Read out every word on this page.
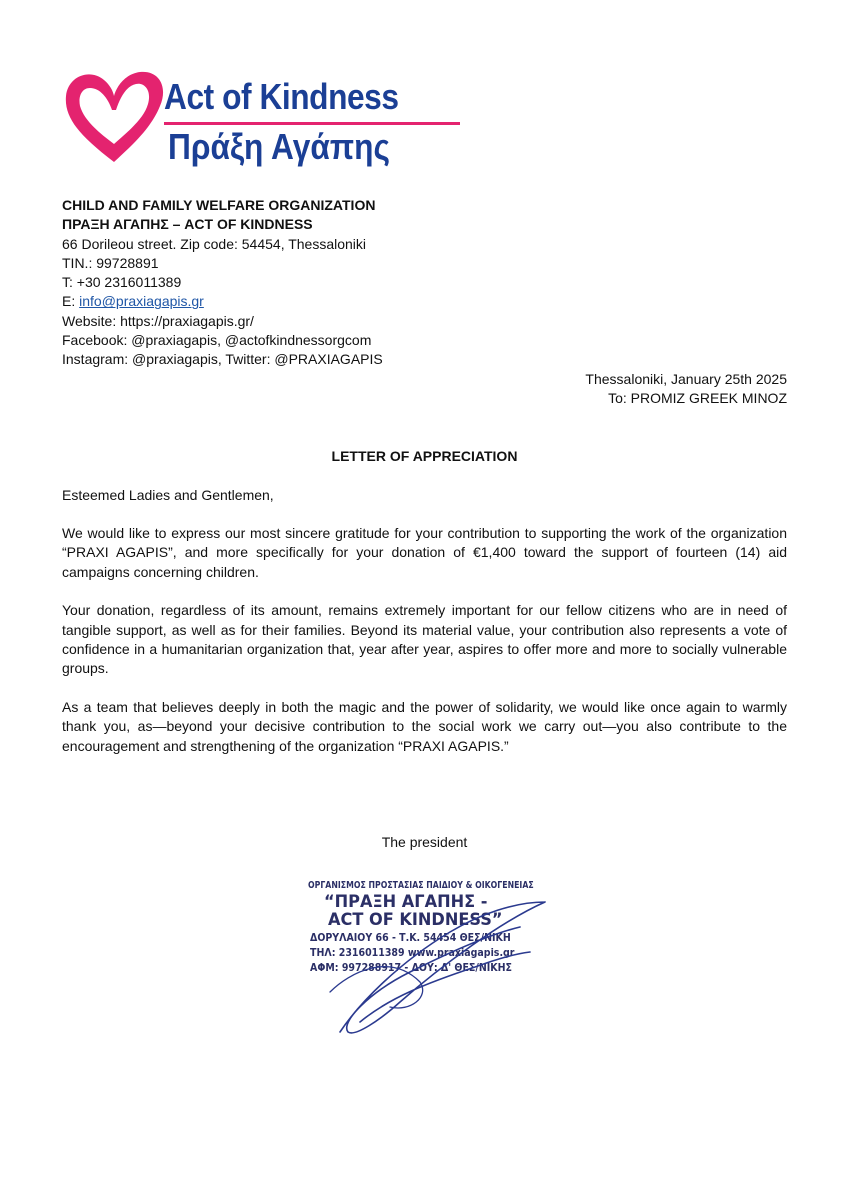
Act of Kindness
Πράξη Αγάπης
CHILD AND FAMILY WELFARE ORGANIZATION
ΠΡΑΞΗ ΑΓΑΠΗΣ – ACT OF KINDNESS
66 Dorileou street. Zip code: 54454, Thessaloniki
TIN.: 99728891
T: +30 2316011389
E: info@praxiagapis.gr
Website: https://praxiagapis.gr/
Facebook: @praxiagapis, @actofkindnessorgcom
Instagram: @praxiagapis, Twitter: @PRAXIAGAPIS
Thessaloniki, January 25th 2025
To: PROMIZ GREEK MINOZ
LETTER OF APPRECIATION
Esteemed Ladies and Gentlemen,

We would like to express our most sincere gratitude for your contribution to supporting the work of the organization “PRAXI AGAPIS”, and more specifically for your donation of €1,400 toward the support of fourteen (14) aid campaigns concerning children.

Your donation, regardless of its amount, remains extremely important for our fellow citizens who are in need of tangible support, as well as for their families. Beyond its material value, your contribution also represents a vote of confidence in a humanitarian organization that, year after year, aspires to offer more and more to socially vulnerable groups.

As a team that believes deeply in both the magic and the power of solidarity, we would like once again to warmly thank you, as—beyond your decisive contribution to the social work we carry out—you also contribute to the encouragement and strengthening of the organization “PRAXI AGAPIS.”

The president
ΟΡΓΑΝΙΣΜΟΣ ΠΡΟΣΤΑΣΙΑΣ ΠΑΙΔΙΟΥ & ΟΙΚΟΓΕΝΕΙΑΣ
“ΠΡΑΞΗ ΑΓΑΠΗΣ -
ACT OF KINDNESS”
ΔΟΡΥΛΑΙΟΥ 66 - Τ.Κ. 54454 ΘΕΣ/ΝΙΚΗ
ΤΗΛ: 2316011389 www.praxiagapis.gr
ΑΦΜ: 997288917 - ΔΟΥ: Δ' ΘΕΣ/ΝΙΚΗΣ
